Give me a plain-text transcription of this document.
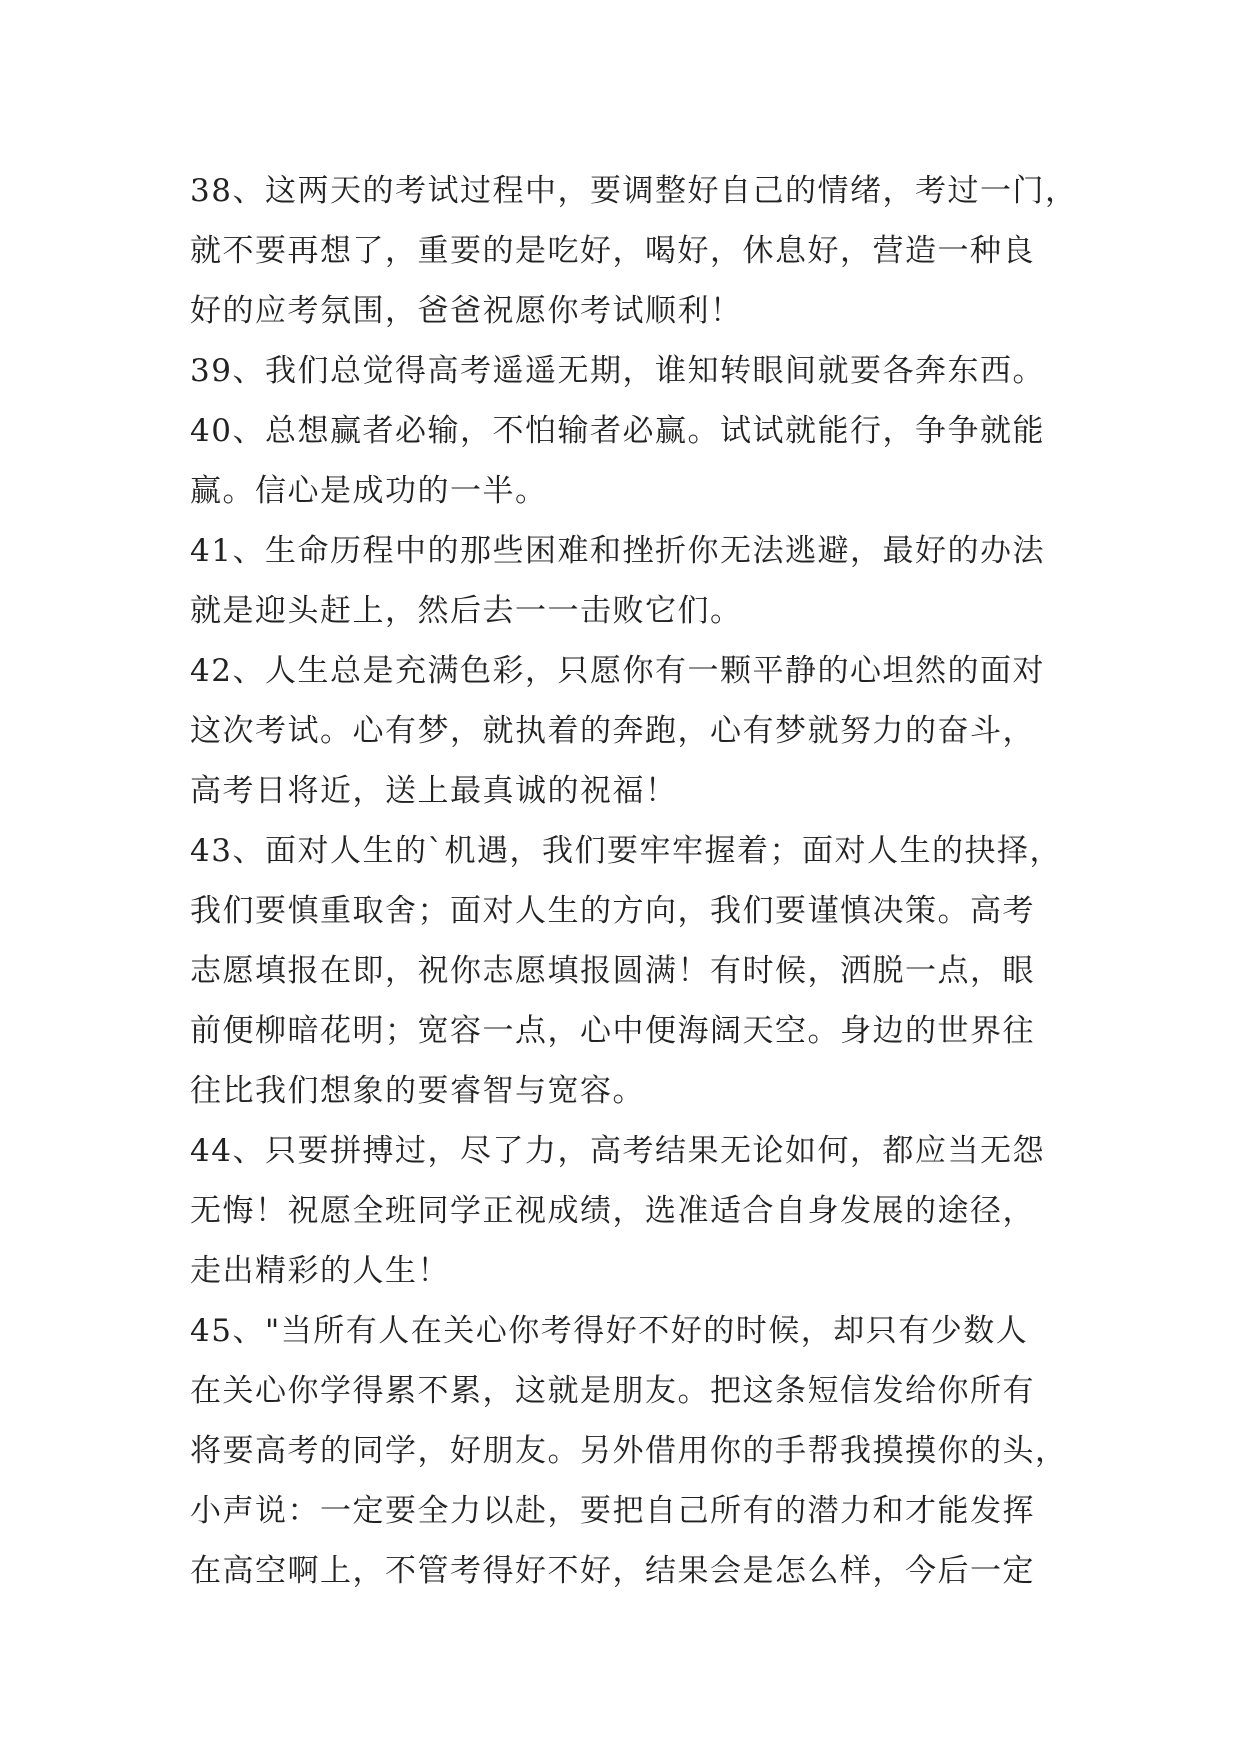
38、这两天的考试过程中，要调整好自己的情绪，考过一门，
就不要再想了，重要的是吃好，喝好，休息好，营造一种良
好的应考氛围，爸爸祝愿你考试顺利！
39、我们总觉得高考遥遥无期，谁知转眼间就要各奔东西。
40、总想赢者必输，不怕输者必赢。试试就能行，争争就能
赢。信心是成功的一半。
41、生命历程中的那些困难和挫折你无法逃避，最好的办法
就是迎头赶上，然后去一一击败它们。
42、人生总是充满色彩，只愿你有一颗平静的心坦然的面对
这次考试。心有梦，就执着的奔跑，心有梦就努力的奋斗，
高考日将近，送上最真诚的祝福！
43、面对人生的`机遇，我们要牢牢握着；面对人生的抉择，
我们要慎重取舍；面对人生的方向，我们要谨慎决策。高考
志愿填报在即，祝你志愿填报圆满！有时候，洒脱一点，眼
前便柳暗花明；宽容一点，心中便海阔天空。身边的世界往
往比我们想象的要睿智与宽容。
44、只要拼搏过，尽了力，高考结果无论如何，都应当无怨
无悔！祝愿全班同学正视成绩，选准适合自身发展的途径，
走出精彩的人生！
45、"当所有人在关心你考得好不好的时候，却只有少数人
在关心你学得累不累，这就是朋友。把这条短信发给你所有
将要高考的同学，好朋友。另外借用你的手帮我摸摸你的头，
小声说：一定要全力以赴，要把自己所有的潜力和才能发挥
在高空啊上，不管考得好不好，结果会是怎么样，今后一定
